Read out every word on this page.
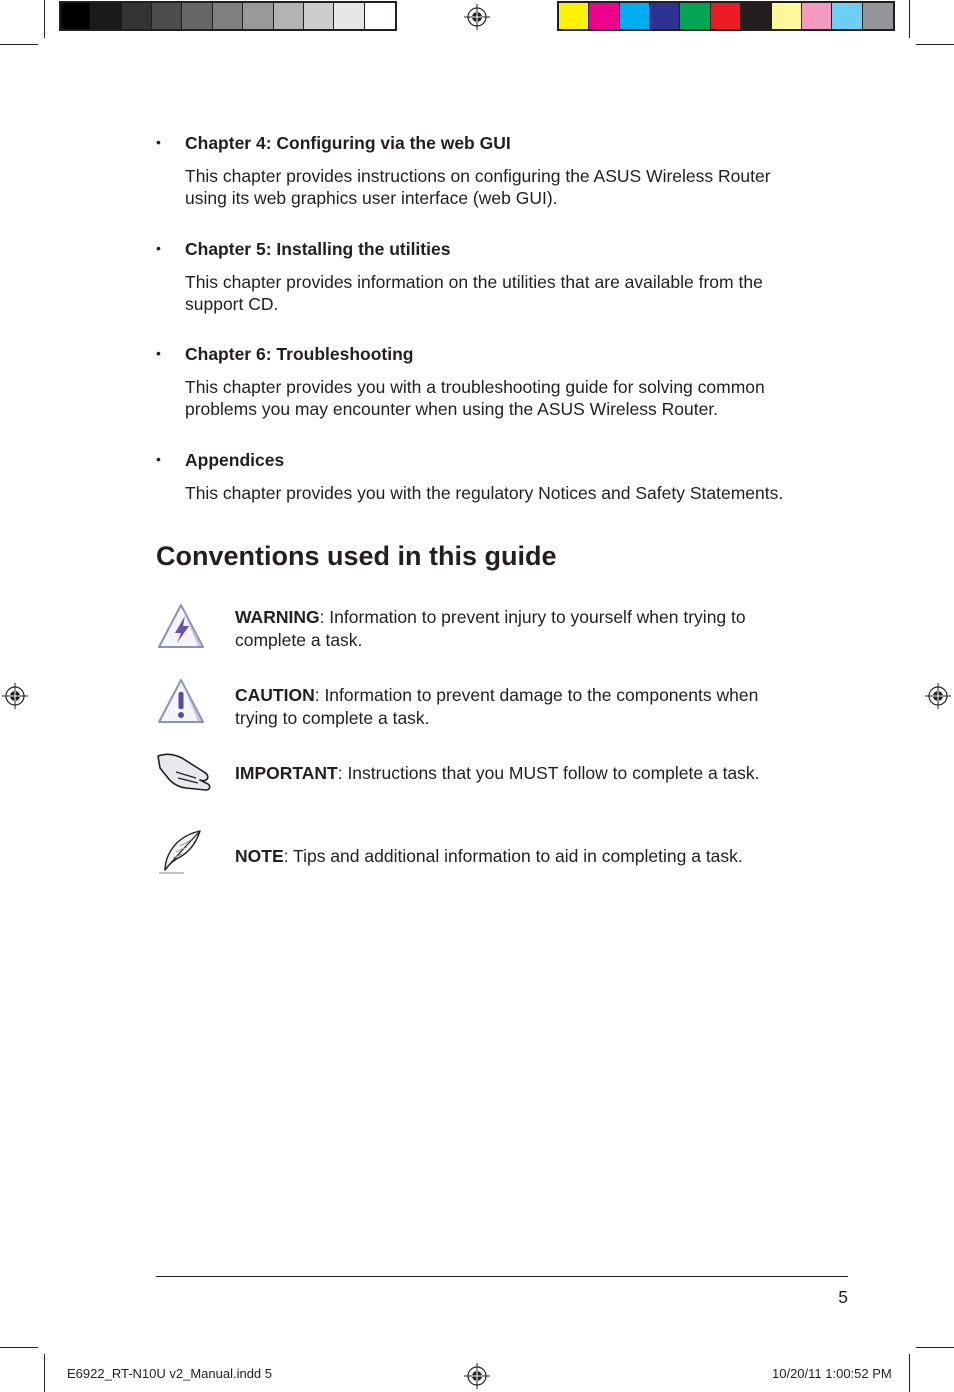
• Chapter 4: Configuring via the web GUI
This chapter provides instructions on configuring the ASUS Wireless Router using its web graphics user interface (web GUI).
• Chapter 5: Installing the utilities
This chapter provides information on the utilities that are available from the support CD.
• Chapter 6: Troubleshooting
This chapter provides you with a troubleshooting guide for solving common problems you may encounter when using the ASUS Wireless Router.
• Appendices
This chapter provides you with the regulatory Notices and Safety Statements.
Conventions used in this guide
WARNING: Information to prevent injury to yourself when trying to complete a task.
CAUTION: Information to prevent damage to the components when trying to complete a task.
IMPORTANT: Instructions that you MUST follow to complete a task.
NOTE: Tips and additional information to aid in completing a task.
5
E6922_RT-N10U v2_Manual.indd 5	10/20/11 1:00:52 PM
